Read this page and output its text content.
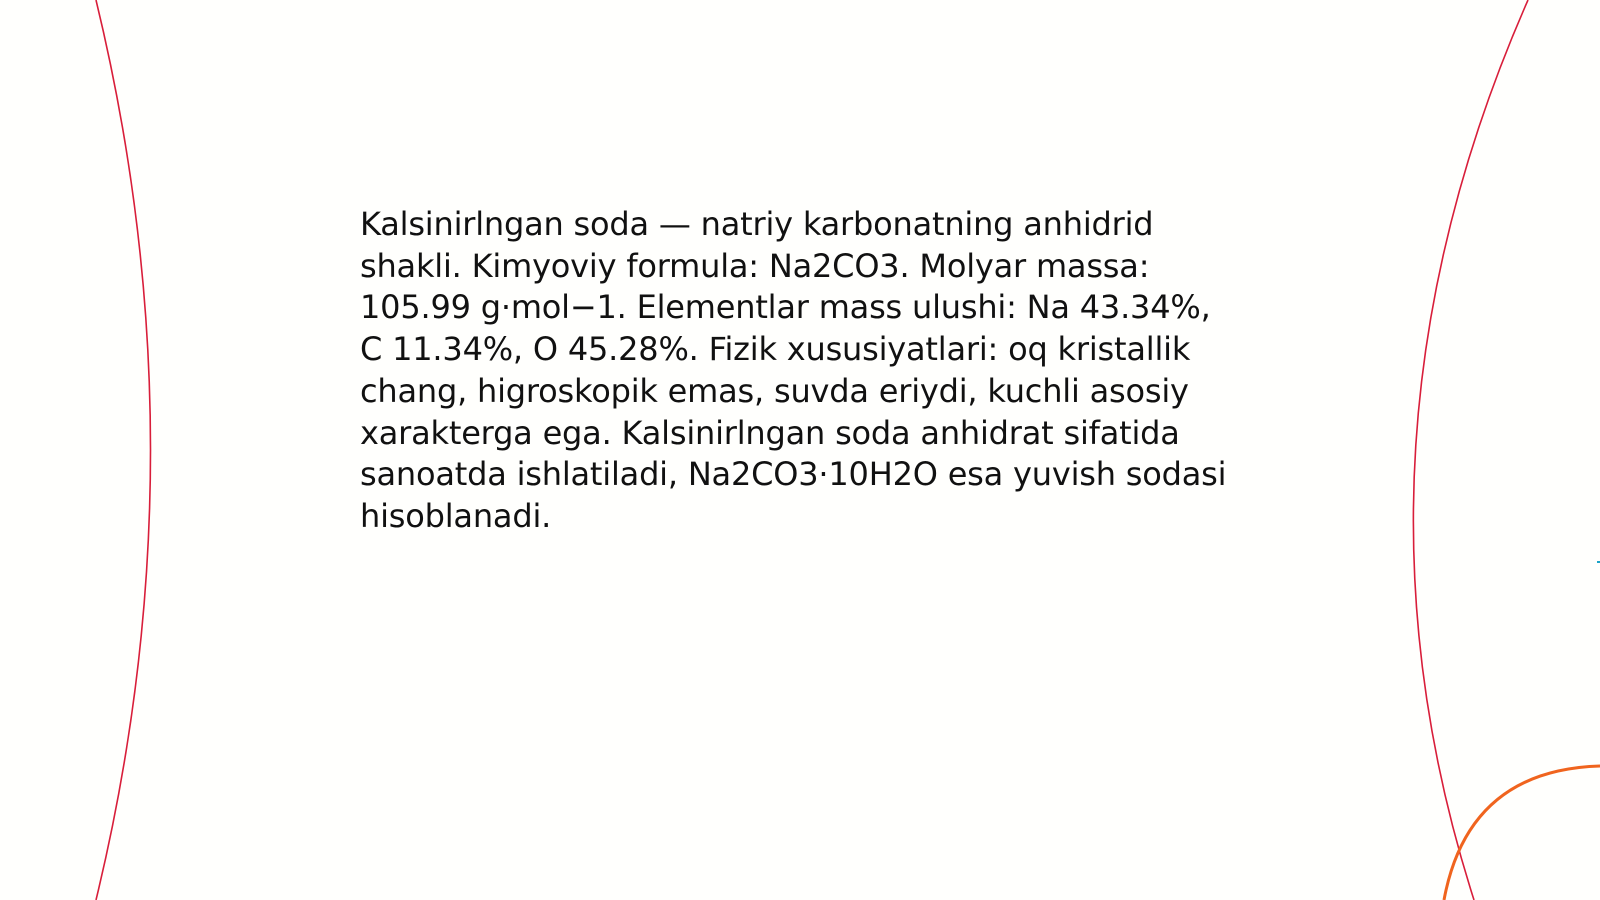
Kalsinirlngan soda — natriy karbonatning anhidrid
shakli. Kimyoviy formula: Na2CO3. Molyar massa:
105.99 g·mol−1. Elementlar mass ulushi: Na 43.34%,
C 11.34%, O 45.28%. Fizik xususiyatlari: oq kristallik
chang, higroskopik emas, suvda eriydi, kuchli asosiy
xarakterga ega. Kalsinirlngan soda anhidrat sifatida
sanoatda ishlatiladi, Na2CO3·10H2O esa yuvish sodasi
hisoblanadi.
